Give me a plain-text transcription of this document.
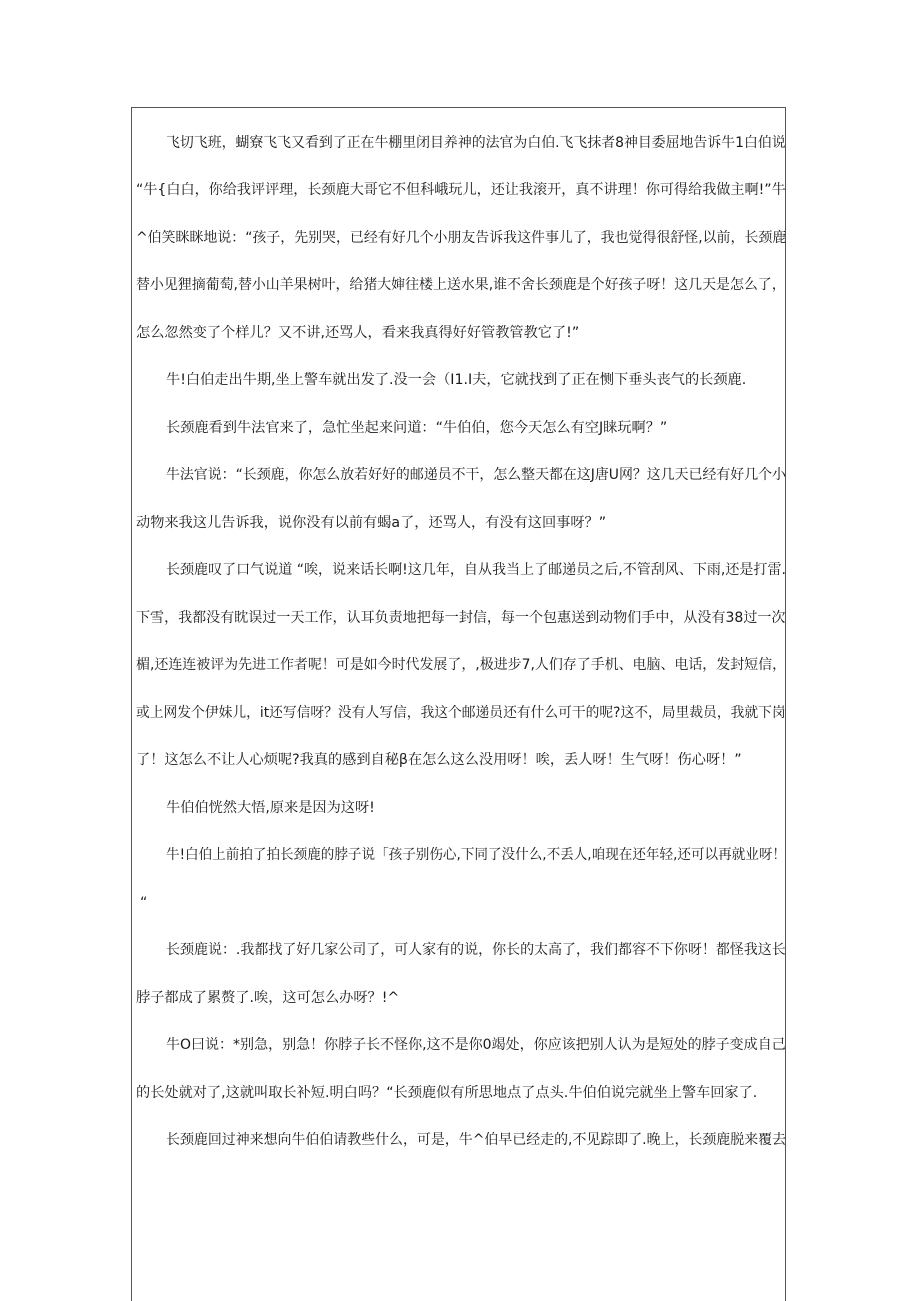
飞切飞班，蝴寮飞飞又看到了正在牛棚里闭目养神的法官为白伯.飞飞抹者8神目委屈地告诉牛1白伯说
“牛{白白，你给我评评理，长颈鹿大哥它不但科峨玩儿，还让我滚开，真不讲理！你可得给我做主啊!”牛
^伯笑眯眯地说：“孩子，先别哭，已经有好几个小朋友告诉我这件事儿了，我也觉得很舒怪,以前，长颈鹿
替小见狸摘葡萄,替小山羊果树叶，给猪大婶往楼上送水果,谁不舍长颈鹿是个好孩子呀！这几天是怎么了，
怎么忽然变了个样儿？又不讲,还骂人，看来我真得好好管教管教它了!”
牛!白伯走出牛期,坐上警车就出发了.没一会（I1.I夫，它就找到了正在恻下垂头丧气的长颈鹿.
长颈鹿看到牛法官来了，急忙坐起来问道：“牛伯伯，您今天怎么有空J睐玩啊？”
牛法官说：“长颈鹿，你怎么放若好好的邮递员不干，怎么整天都在这J唐U网？这几天已经有好几个小
动物来我这儿告诉我，说你没有以前有蝎a了，还骂人，有没有这回事呀？”
长颈鹿叹了口气说道 “唉，说来话长啊!这几年，自从我当上了邮递员之后,不管刮风、下雨,还是打雷.
下雪，我都没有眈误过一天工作，认耳负责地把每一封信，每一个包惠送到动物们手中，从没有38过一次
楣,还连连被评为先进工作者呢！可是如今时代发展了，,极进步7,人们存了手机、电脑、电话，发封短信，
或上网发个伊妹儿，it还写信呀？没有人写信，我这个邮递员还有什么可干的呢?这不，局里裁员，我就下岗
了！这怎么不让人心烦呢?我真的感到自秘β在怎么这么没用呀！唉，丢人呀！生气呀！伤心呀！”
牛伯伯恍然大悟,原来是因为这呀!
牛!白伯上前拍了拍长颈鹿的脖子说「孩子别伤心,下同了没什么,不丢人,咱现在还年轻,还可以再就业呀！
“
长颈鹿说：.我都找了好几家公司了，可人家有的说，你长的太高了，我们都容不下你呀！都怪我这长
脖子都成了累赘了.唉，这可怎么办呀？!^
牛O曰说：*别急，别急！你脖子长不怪你,这不是你0竭处，你应该把别人认为是短处的脖子变成自己
的长处就对了,这就叫取长补短.明白吗？“长颈鹿似有所思地点了点头.牛伯伯说完就坐上警车回家了.
长颈鹿回过神来想向牛伯伯请教些什么，可是，牛^伯早已经走的,不见踪即了.晚上，长颈鹿脱来覆去
